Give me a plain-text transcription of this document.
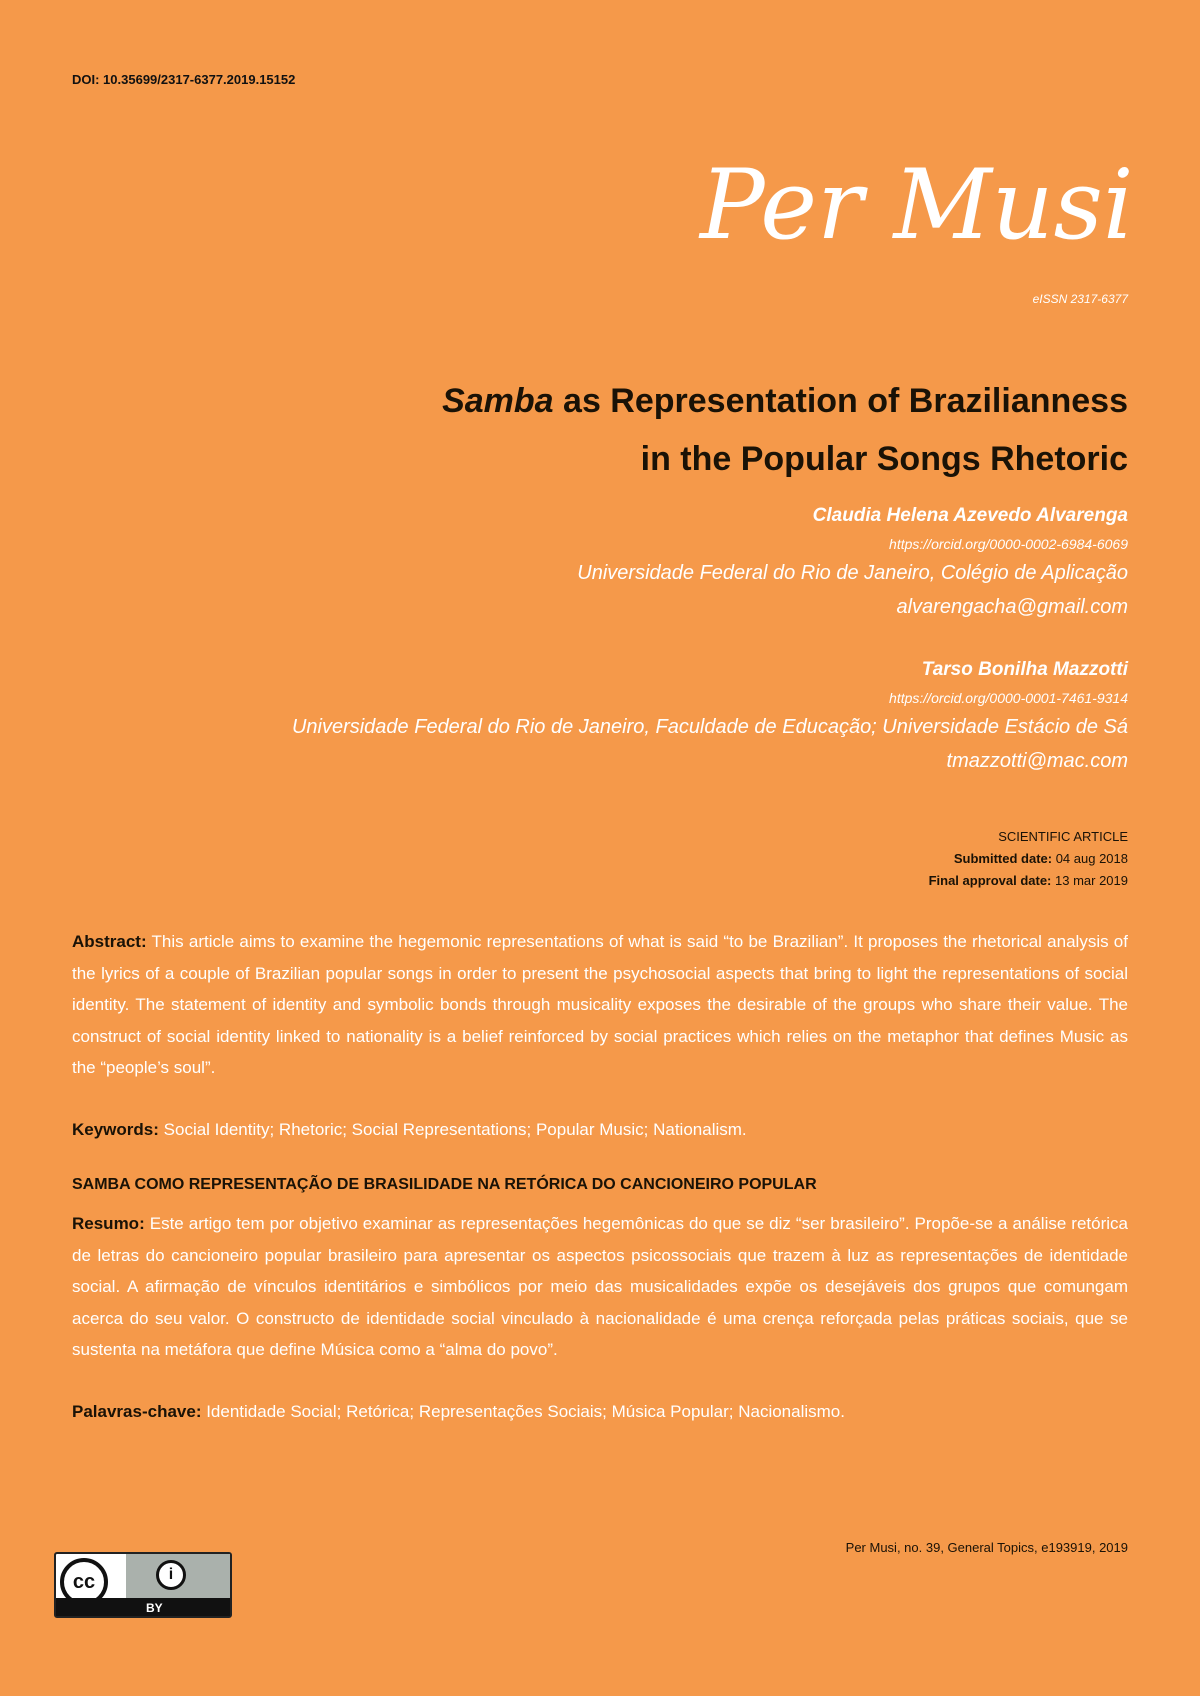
DOI: 10.35699/2317-6377.2019.15152
Per Musi
eISSN 2317-6377
Samba as Representation of Brazilianness
in the Popular Songs Rhetoric

Claudia Helena Azevedo Alvarenga

https://orcid.org/0000-0002-6984-6069

Universidade Federal do Rio de Janeiro, Colégio de Aplicação

alvarengacha@gmail.com

Tarso Bonilha Mazzotti

https://orcid.org/0000-0001-7461-9314

Universidade Federal do Rio de Janeiro, Faculdade de Educação; Universidade Estácio de Sá

tmazzotti@mac.com

SCIENTIFIC ARTICLE
Submitted date: 04 aug 2018
Final approval date: 13 mar 2019
Abstract: This article aims to examine the hegemonic representations of what is said “to be Brazilian”. It proposes the rhetorical analysis of the lyrics of a couple of Brazilian popular songs in order to present the psychosocial aspects that bring to light the representations of social identity. The statement of identity and symbolic bonds through musicality exposes the desirable of the groups who share their value. The construct of social identity linked to nationality is a belief reinforced by social practices which relies on the metaphor that defines Music as the “people’s soul”.
Keywords: Social Identity; Rhetoric; Social Representations; Popular Music; Nationalism.
SAMBA COMO REPRESENTAÇÃO DE BRASILIDADE NA RETÓRICA DO CANCIONEIRO POPULAR
Resumo: Este artigo tem por objetivo examinar as representações hegemônicas do que se diz “ser brasileiro”. Propõe-se a análise retórica de letras do cancioneiro popular brasileiro para apresentar os aspectos psicossociais que trazem à luz as representações de identidade social. A afirmação de vínculos identitários e simbólicos por meio das musicalidades expõe os desejáveis dos grupos que comungam acerca do seu valor. O constructo de identidade social vinculado à nacionalidade é uma crença reforçada pelas práticas sociais, que se sustenta na metáfora que define Música como a “alma do povo”.
Palavras-chave: Identidade Social; Retórica; Representações Sociais; Música Popular; Nacionalismo.
cc	i
BY
Per Musi, no. 39, General Topics, e193919, 2019
